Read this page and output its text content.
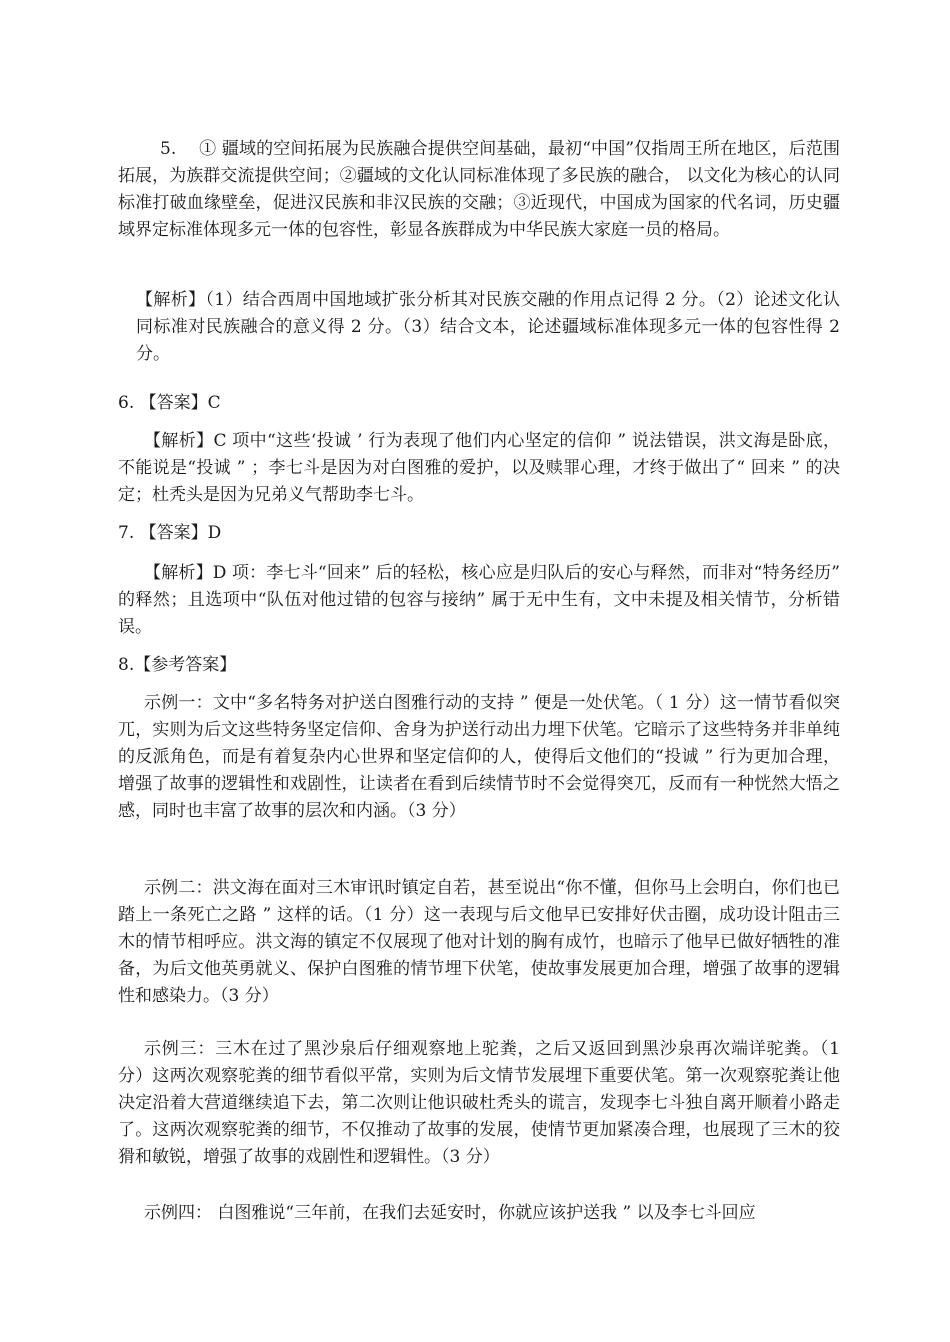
5.　 ① 疆域的空间拓展为民族融合提供空间基础，最初“中国”仅指周王所在地区，后范围拓展，为族群交流提供空间；②疆域的文化认同标准体现了多民族的融合， 以文化为核心的认同标准打破血缘壁垒，促进汉民族和非汉民族的交融；③近现代，中国成为国家的代名词，历史疆域界定标准体现多元一体的包容性，彰显各族群成为中华民族大家庭一员的格局。

【解析】（1）结合西周中国地域扩张分析其对民族交融的作用点记得 2 分。（2）论述文化认同标准对民族融合的意义得 2 分。（3）结合文本，论述疆域标准体现多元一体的包容性得 2 分。

6. 【答案】C

【解析】C 项中“这些‘投诚 ’ 行为表现了他们内心坚定的信仰 ” 说法错误，洪文海是卧底，不能说是“投诚 ” ；李七斗是因为对白图雅的爱护，以及赎罪心理，才终于做出了“ 回来 ” 的决定；杜秃头是因为兄弟义气帮助李七斗。

7. 【答案】D

【解析】D 项：李七斗“回来” 后的轻松，核心应是归队后的安心与释然，而非对“特务经历” 的释然；且选项中“队伍对他过错的包容与接纳” 属于无中生有，文中未提及相关情节，分析错误。

8.【参考答案】

示例一：文中“多名特务对护送白图雅行动的支持 ” 便是一处伏笔。（ 1 分）这一情节看似突兀，实则为后文这些特务坚定信仰、舍身为护送行动出力埋下伏笔。它暗示了这些特务并非单纯的反派角色，而是有着复杂内心世界和坚定信仰的人，使得后文他们的“投诚 ” 行为更加合理，增强了故事的逻辑性和戏剧性，让读者在看到后续情节时不会觉得突兀，反而有一种恍然大悟之感，同时也丰富了故事的层次和内涵。（3 分）

示例二：洪文海在面对三木审讯时镇定自若，甚至说出“你不懂，但你马上会明白，你们也已踏上一条死亡之路 ” 这样的话。（1 分）这一表现与后文他早已安排好伏击圈，成功设计阻击三木的情节相呼应。洪文海的镇定不仅展现了他对计划的胸有成竹，也暗示了他早已做好牺牲的准备，为后文他英勇就义、保护白图雅的情节埋下伏笔，使故事发展更加合理，增强了故事的逻辑性和感染力。（3 分）

示例三：三木在过了黑沙泉后仔细观察地上驼粪，之后又返回到黑沙泉再次端详驼粪。（1 分）这两次观察驼粪的细节看似平常，实则为后文情节发展埋下重要伏笔。第一次观察驼粪让他决定沿着大营道继续追下去，第二次则让他识破杜秃头的谎言，发现李七斗独自离开顺着小路走了。这两次观察驼粪的细节，不仅推动了故事的发展，使情节更加紧凑合理，也展现了三木的狡猾和敏锐，增强了故事的戏剧性和逻辑性。（3 分）

示例四： 白图雅说“三年前，在我们去延安时，你就应该护送我 ” 以及李七斗回应
